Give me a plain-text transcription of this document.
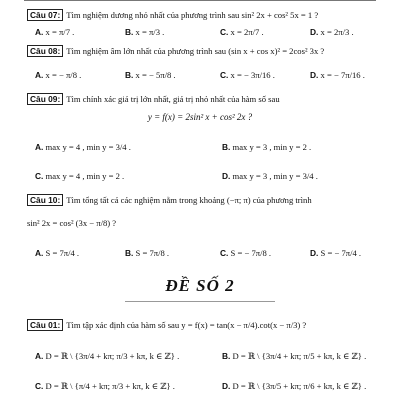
Câu 07: Tìm nghiệm dương nhỏ nhất của phương trình sau sin² 2x + cos² 5x = 1 ?
A. x = π/7 .	B. x = π/3 .	C. x = 2π/7 .	D. x = 2π/3 .
Câu 08: Tìm nghiệm âm lớn nhất của phương trình sau (sin x + cos x)² = 2cos² 3x ?
A. x = − π/8 .	B. x = − 5π/8 .	C. x = − 3π/16 .	D. x = − 7π/16 .
Câu 09: Tìm chính xác giá trị lớn nhất, giá trị nhỏ nhất của hàm số sau
y = f(x) = 2sin² x + cos² 2x ?
A. max y = 4 , min y = 3/4 .	B. max y = 3 , min y = 2 .
C. max y = 4 , min y = 2 .	D. max y = 3 , min y = 3/4 .
Câu 10: Tìm tổng tất cả các nghiệm nằm trong khoảng (−π; π) của phương trình
sin² 2x = cos² (3x − π/8) ?
A. S = 7π/4 .	B. S = 7π/8 .	C. S = − 7π/8 .	D. S = − 7π/4 .
ĐỀ SỐ 2
Câu 01: Tìm tập xác định của hàm số sau y = f(x) = tan(x − π/4).cot(x − π/3) ?
A. D = ℝ \ {3π/4 + kπ; π/3 + kπ, k ∈ ℤ} .	B. D = ℝ \ {3π/4 + kπ; π/5 + kπ, k ∈ ℤ} .
C. D = ℝ \ {π/4 + kπ; π/3 + kπ, k ∈ ℤ} .	D. D = ℝ \ {3π/5 + kπ; π/6 + kπ, k ∈ ℤ} .
